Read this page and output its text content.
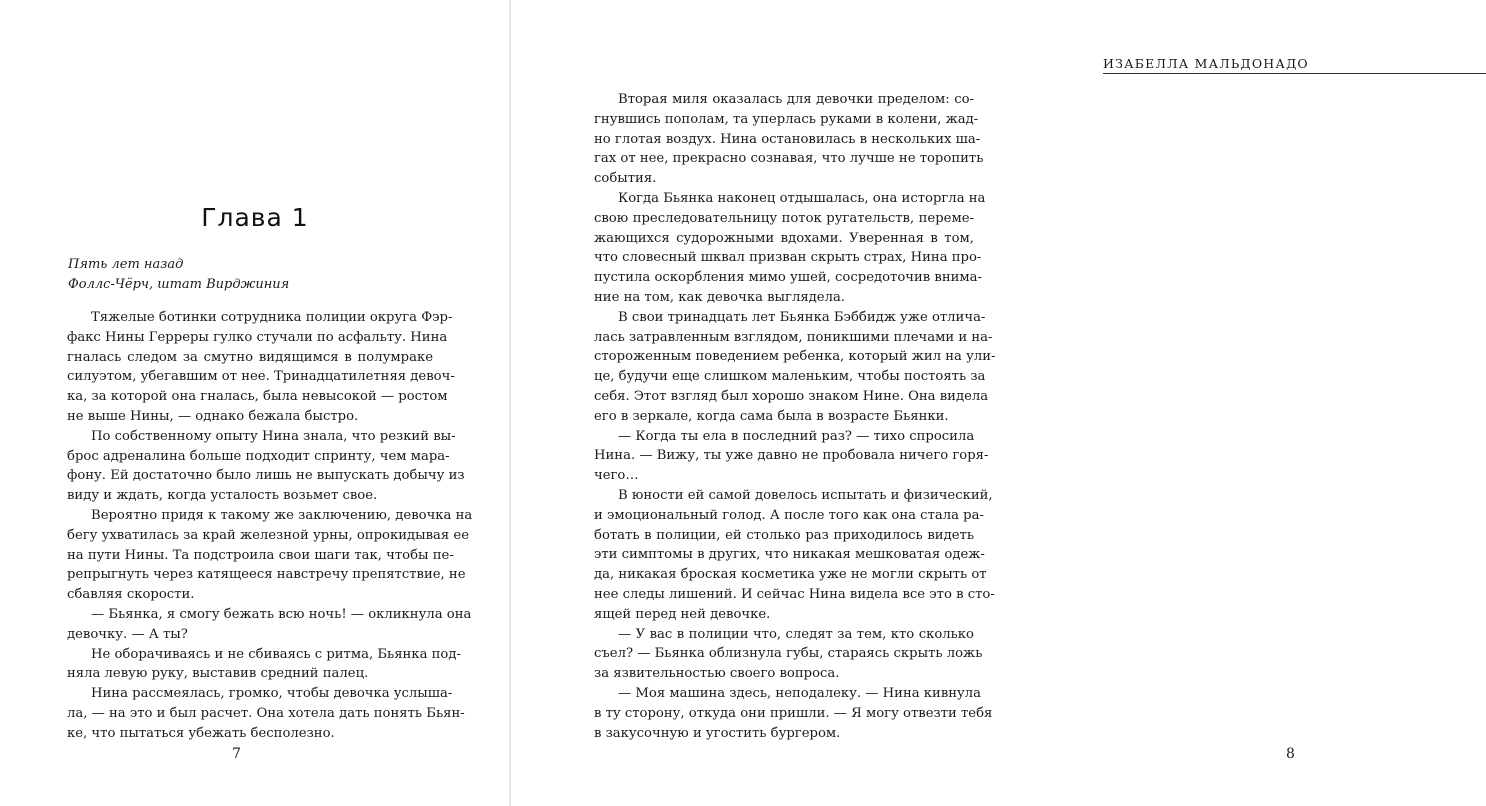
Глава 1
Пять лет назад
Фоллс-Чёрч, штат Вирджиния
Тяжелые ботинки сотрудника полиции округа Фэр-
факс Нины Герреры гулко стучали по асфальту. Нина
гналась следом за смутно видящимся в полумраке
силуэтом, убегавшим от нее. Тринадцатилетняя девоч-
ка, за которой она гналась, была невысокой — ростом
не выше Нины, — однако бежала быстро.
По собственному опыту Нина знала, что резкий вы-
брос адреналина больше подходит спринту, чем мара-
фону. Ей достаточно было лишь не выпускать добычу из
виду и ждать, когда усталость возьмет свое.
Вероятно придя к такому же заключению, девочка на
бегу ухватилась за край железной урны, опрокидывая ее
на пути Нины. Та подстроила свои шаги так, чтобы пе-
репрыгнуть через катящееся навстречу препятствие, не
сбавляя скорости.
— Бьянка, я смогу бежать всю ночь! — окликнула она
девочку. — А ты?
Не оборачиваясь и не сбиваясь с ритма, Бьянка под-
няла левую руку, выставив средний палец.
Нина рассмеялась, громко, чтобы девочка услыша-
ла, — на это и был расчет. Она хотела дать понять Бьян-
ке, что пытаться убежать бесполезно.
7
ИЗАБЕЛЛА МАЛЬДОНАДО
8
Вторая миля оказалась для девочки пределом: со-
гнувшись пополам, та уперлась руками в колени, жад-
но глотая воздух. Нина остановилась в нескольких ша-
гах от нее, прекрасно сознавая, что лучше не торопить
события.
Когда Бьянка наконец отдышалась, она исторгла на
свою преследовательницу поток ругательств, переме-
жающихся судорожными вдохами. Уверенная в том,
что словесный шквал призван скрыть страх, Нина про-
пустила оскорбления мимо ушей, сосредоточив внима-
ние на том, как девочка выглядела.
В свои тринадцать лет Бьянка Бэббидж уже отлича-
лась затравленным взглядом, поникшими плечами и на-
стороженным поведением ребенка, который жил на ули-
це, будучи еще слишком маленьким, чтобы постоять за
себя. Этот взгляд был хорошо знаком Нине. Она видела
его в зеркале, когда сама была в возрасте Бьянки.
— Когда ты ела в последний раз? — тихо спросила
Нина. — Вижу, ты уже давно не пробовала ничего горя-
чего…
В юности ей самой довелось испытать и физический,
и эмоциональный голод. А после того как она стала ра-
ботать в полиции, ей столько раз приходилось видеть
эти симптомы в других, что никакая мешковатая одеж-
да, никакая броская косметика уже не могли скрыть от
нее следы лишений. И сейчас Нина видела все это в сто-
ящей перед ней девочке.
— У вас в полиции что, следят за тем, кто сколько
съел? — Бьянка облизнула губы, стараясь скрыть ложь
за язвительностью своего вопроса.
— Моя машина здесь, неподалеку. — Нина кивнула
в ту сторону, откуда они пришли. — Я могу отвезти тебя
в закусочную и угостить бургером.
